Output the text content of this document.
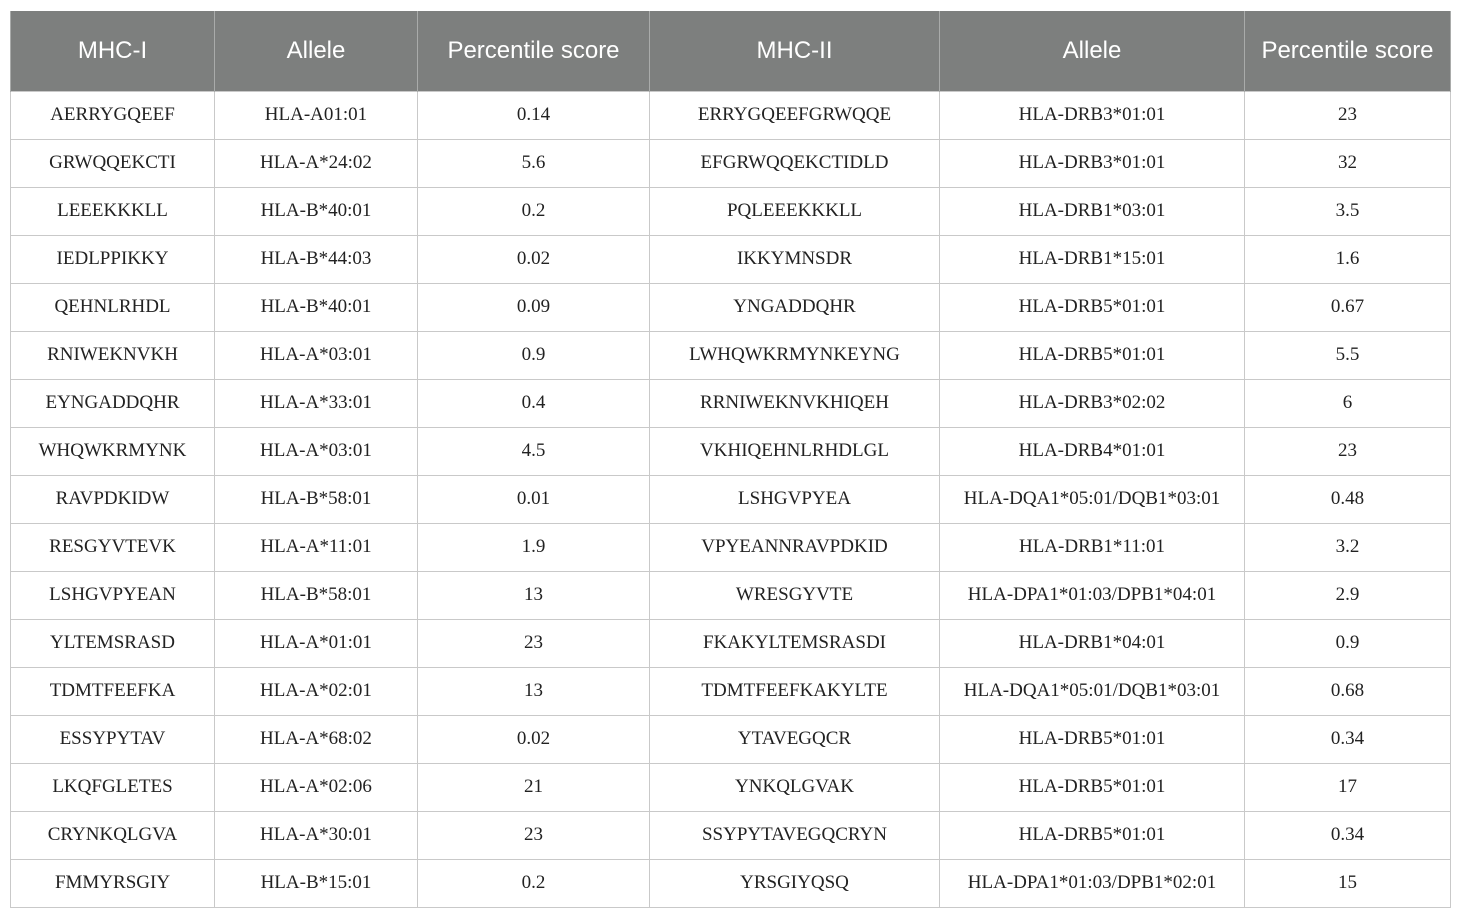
MHC-I	Allele	Percentile score	MHC-II	Allele	Percentile score
AERRYGQEEF	HLA-A01:01	0.14	ERRYGQEEFGRWQQE	HLA-DRB3*01:01	23
GRWQQEKCTI	HLA-A*24:02	5.6	EFGRWQQEKCTIDLD	HLA-DRB3*01:01	32
LEEEKKKLL	HLA-B*40:01	0.2	PQLEEEKKKLL	HLA-DRB1*03:01	3.5
IEDLPPIKKY	HLA-B*44:03	0.02	IKKYMNSDR	HLA-DRB1*15:01	1.6
QEHNLRHDL	HLA-B*40:01	0.09	YNGADDQHR	HLA-DRB5*01:01	0.67
RNIWEKNVKH	HLA-A*03:01	0.9	LWHQWKRMYNKEYNG	HLA-DRB5*01:01	5.5
EYNGADDQHR	HLA-A*33:01	0.4	RRNIWEKNVKHIQEH	HLA-DRB3*02:02	6
WHQWKRMYNK	HLA-A*03:01	4.5	VKHIQEHNLRHDLGL	HLA-DRB4*01:01	23
RAVPDKIDW	HLA-B*58:01	0.01	LSHGVPYEA	HLA-DQA1*05:01/DQB1*03:01	0.48
RESGYVTEVK	HLA-A*11:01	1.9	VPYEANNRAVPDKID	HLA-DRB1*11:01	3.2
LSHGVPYEAN	HLA-B*58:01	13	WRESGYVTE	HLA-DPA1*01:03/DPB1*04:01	2.9
YLTEMSRASD	HLA-A*01:01	23	FKAKYLTEMSRASDI	HLA-DRB1*04:01	0.9
TDMTFEEFKA	HLA-A*02:01	13	TDMTFEEFKAKYLTE	HLA-DQA1*05:01/DQB1*03:01	0.68
ESSYPYTAV	HLA-A*68:02	0.02	YTAVEGQCR	HLA-DRB5*01:01	0.34
LKQFGLETES	HLA-A*02:06	21	YNKQLGVAK	HLA-DRB5*01:01	17
CRYNKQLGVA	HLA-A*30:01	23	SSYPYTAVEGQCRYN	HLA-DRB5*01:01	0.34
FMMYRSGIY	HLA-B*15:01	0.2	YRSGIYQSQ	HLA-DPA1*01:03/DPB1*02:01	15
